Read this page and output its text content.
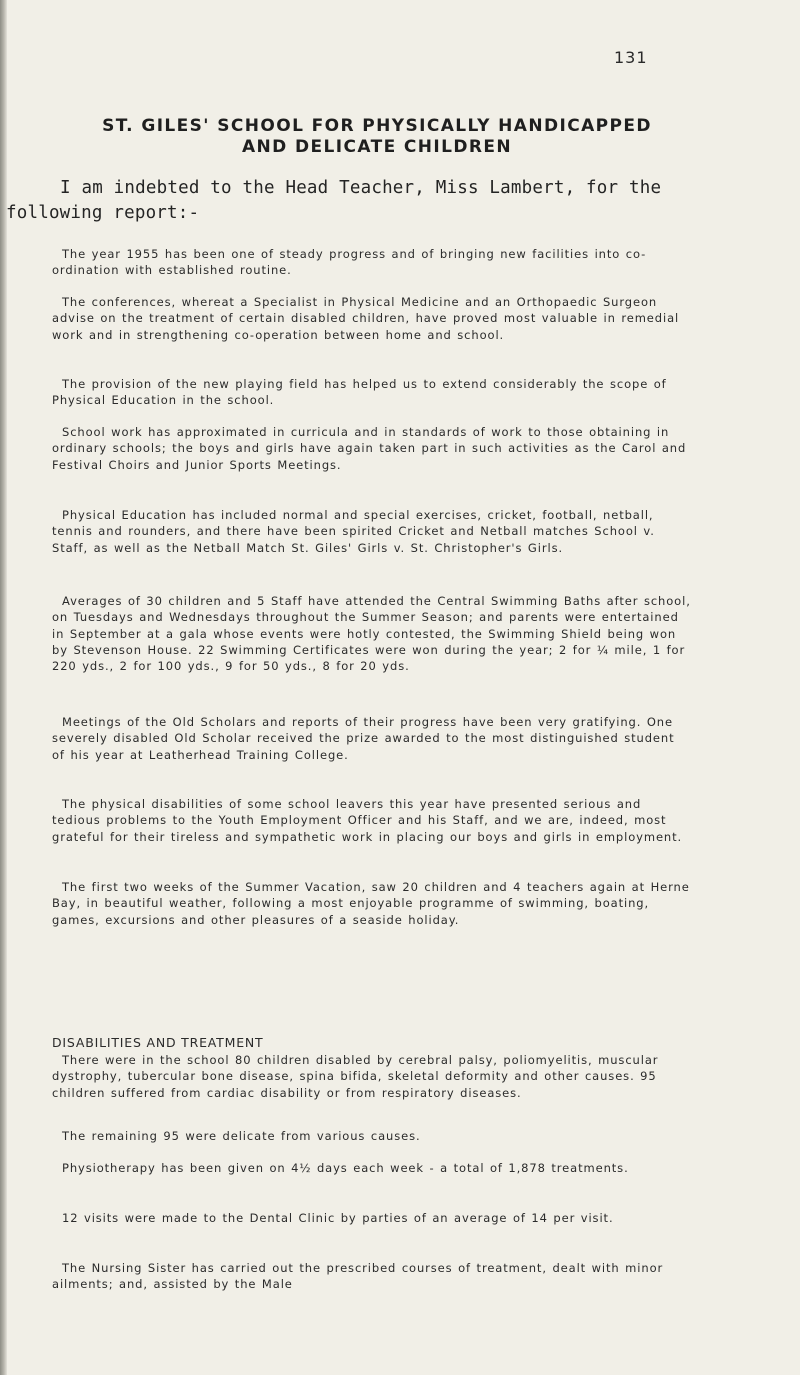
131
ST. GILES' SCHOOL FOR PHYSICALLY HANDICAPPED
AND DELICATE CHILDREN
I am indebted to the Head Teacher, Miss Lambert, for the following report:-

The year 1955 has been one of steady progress and of bringing new facilities into co-ordination with established routine.

The conferences, whereat a Specialist in Physical Medicine and an Orthopaedic Surgeon advise on the treatment of certain disabled children, have proved most valuable in remedial work and in strengthening co-operation between home and school.

The provision of the new playing field has helped us to extend considerably the scope of Physical Education in the school.

School work has approximated in curricula and in standards of work to those obtaining in ordinary schools; the boys and girls have again taken part in such activities as the Carol and Festival Choirs and Junior Sports Meetings.

Physical Education has included normal and special exercises, cricket, football, netball, tennis and rounders, and there have been spirited Cricket and Netball matches School v. Staff, as well as the Netball Match St. Giles' Girls v. St. Christopher's Girls.

Averages of 30 children and 5 Staff have attended the Central Swimming Baths after school, on Tuesdays and Wednesdays throughout the Summer Season; and parents were entertained in September at a gala whose events were hotly contested, the Swimming Shield being won by Stevenson House. 22 Swimming Certificates were won during the year; 2 for ¼ mile, 1 for 220 yds., 2 for 100 yds., 9 for 50 yds., 8 for 20 yds.

Meetings of the Old Scholars and reports of their progress have been very gratifying. One severely disabled Old Scholar received the prize awarded to the most distinguished student of his year at Leatherhead Training College.

The physical disabilities of some school leavers this year have presented serious and tedious problems to the Youth Employment Officer and his Staff, and we are, indeed, most grateful for their tireless and sympathetic work in placing our boys and girls in employment.

The first two weeks of the Summer Vacation, saw 20 children and 4 teachers again at Herne Bay, in beautiful weather, following a most enjoyable programme of swimming, boating, games, excursions and other pleasures of a seaside holiday.

DISABILITIES AND TREATMENT

There were in the school 80 children disabled by cerebral palsy, poliomyelitis, muscular dystrophy, tubercular bone disease, spina bifida, skeletal deformity and other causes. 95 children suffered from cardiac disability or from respiratory diseases.

The remaining 95 were delicate from various causes.

Physiotherapy has been given on 4½ days each week - a total of 1,878 treatments.

12 visits were made to the Dental Clinic by parties of an average of 14 per visit.

The Nursing Sister has carried out the prescribed courses of treatment, dealt with minor ailments; and, assisted by the Male
